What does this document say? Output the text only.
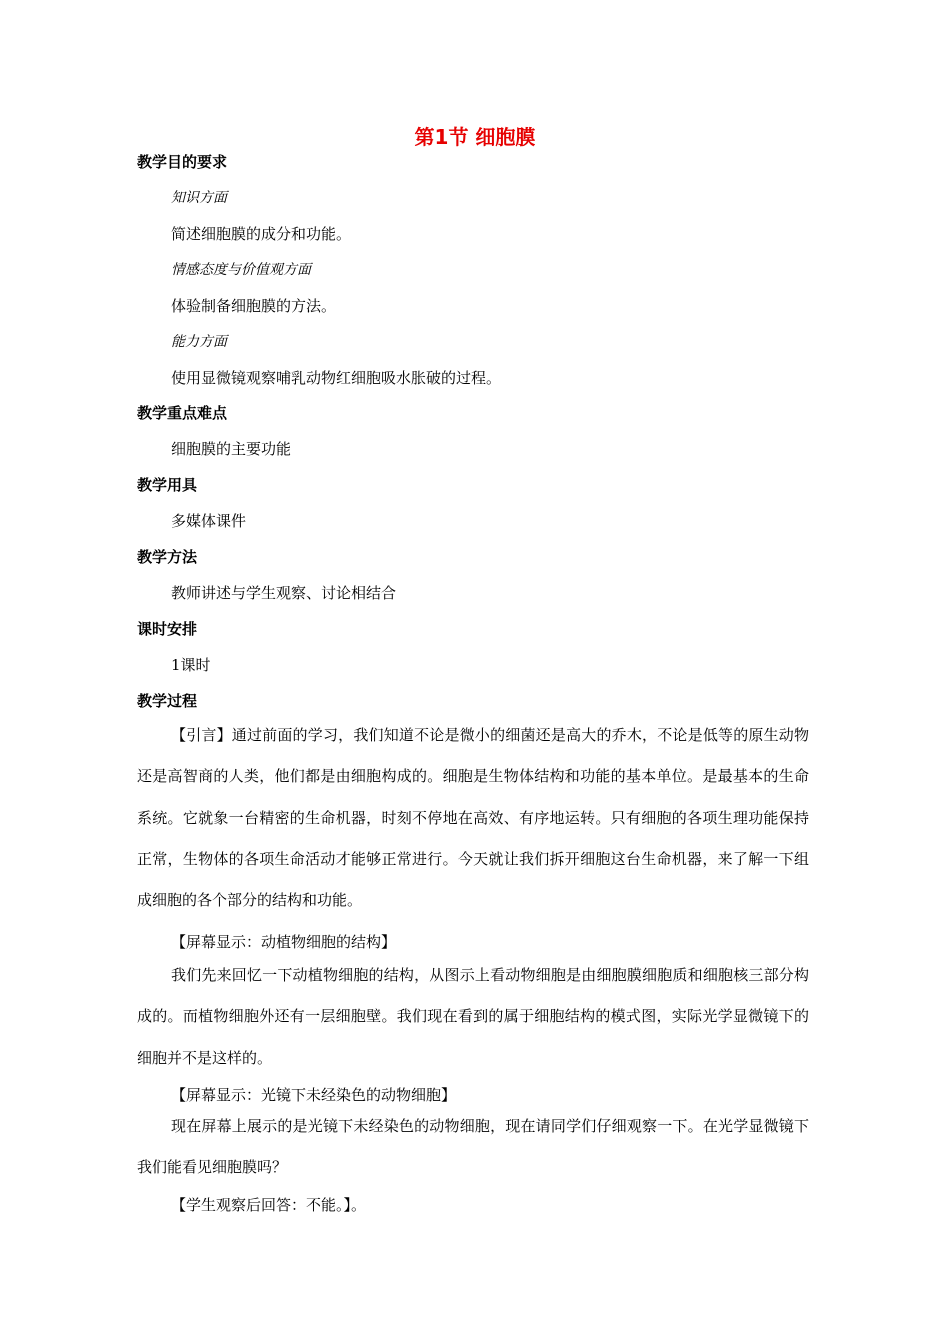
第1节 细胞膜
教学目的要求
知识方面
简述细胞膜的成分和功能。
情感态度与价值观方面
体验制备细胞膜的方法。
能力方面
使用显微镜观察哺乳动物红细胞吸水胀破的过程。
教学重点难点
细胞膜的主要功能
教学用具
多媒体课件
教学方法
教师讲述与学生观察、讨论相结合
课时安排
1课时
教学过程
【引言】通过前面的学习，我们知道不论是微小的细菌还是高大的乔木，不论是低等的原生动物还是高智商的人类，他们都是由细胞构成的。细胞是生物体结构和功能的基本单位。是最基本的生命系统。它就象一台精密的生命机器，时刻不停地在高效、有序地运转。只有细胞的各项生理功能保持正常，生物体的各项生命活动才能够正常进行。今天就让我们拆开细胞这台生命机器，来了解一下组成细胞的各个部分的结构和功能。
【屏幕显示：动植物细胞的结构】
我们先来回忆一下动植物细胞的结构，从图示上看动物细胞是由细胞膜细胞质和细胞核三部分构成的。而植物细胞外还有一层细胞壁。我们现在看到的属于细胞结构的模式图，实际光学显微镜下的细胞并不是这样的。
【屏幕显示：光镜下未经染色的动物细胞】
现在屏幕上展示的是光镜下未经染色的动物细胞，现在请同学们仔细观察一下。在光学显微镜下我们能看见细胞膜吗？
【学生观察后回答：不能。】。
